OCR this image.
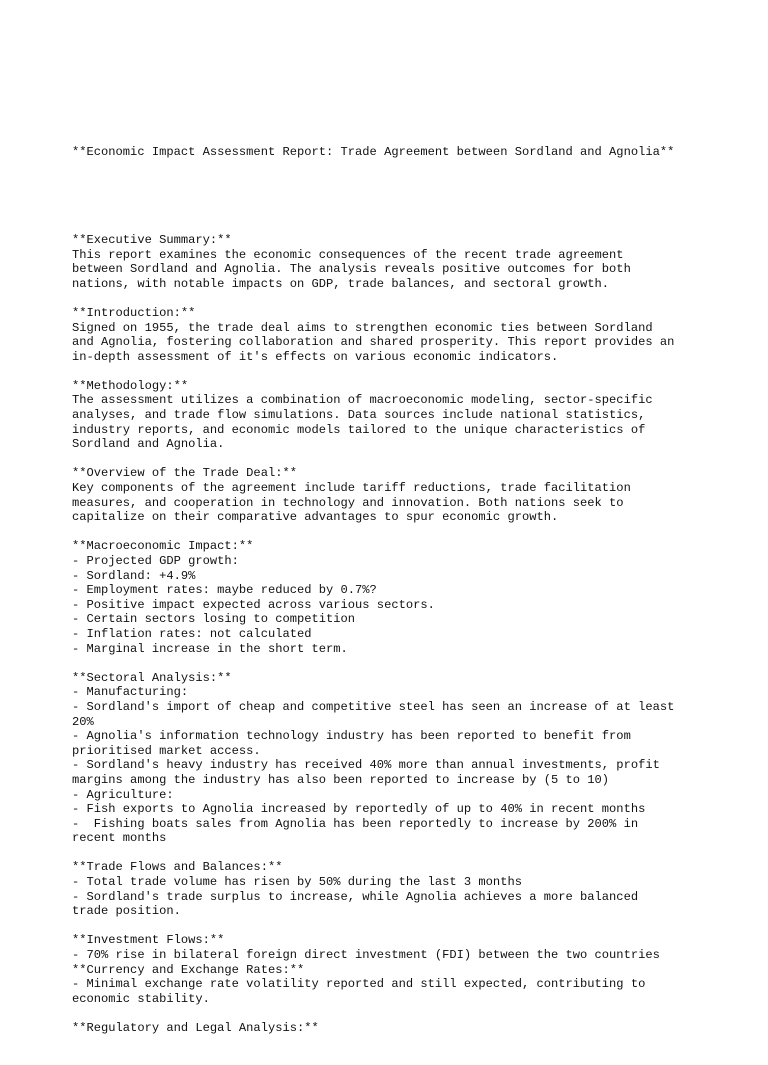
**Economic Impact Assessment Report: Trade Agreement between Sordland and Agnolia**

**Executive Summary:**
This report examines the economic consequences of the recent trade agreement
between Sordland and Agnolia. The analysis reveals positive outcomes for both
nations, with notable impacts on GDP, trade balances, and sectoral growth.
**Introduction:**
Signed on 1955, the trade deal aims to strengthen economic ties between Sordland
and Agnolia, fostering collaboration and shared prosperity. This report provides an
in-depth assessment of it's effects on various economic indicators.
**Methodology:**
The assessment utilizes a combination of macroeconomic modeling, sector-specific
analyses, and trade flow simulations. Data sources include national statistics,
industry reports, and economic models tailored to the unique characteristics of
Sordland and Agnolia.
**Overview of the Trade Deal:**
Key components of the agreement include tariff reductions, trade facilitation
measures, and cooperation in technology and innovation. Both nations seek to
capitalize on their comparative advantages to spur economic growth.
**Macroeconomic Impact:**
- Projected GDP growth:
- Sordland: +4.9%
- Employment rates: maybe reduced by 0.7%?
- Positive impact expected across various sectors.
- Certain sectors losing to competition
- Inflation rates: not calculated
- Marginal increase in the short term.
**Sectoral Analysis:**
- Manufacturing:
- Sordland's import of cheap and competitive steel has seen an increase of at least
20%
- Agnolia's information technology industry has been reported to benefit from
prioritised market access.
- Sordland's heavy industry has received 40% more than annual investments, profit
margins among the industry has also been reported to increase by (5 to 10)
- Agriculture:
- Fish exports to Agnolia increased by reportedly of up to 40% in recent months
-  Fishing boats sales from Agnolia has been reportedly to increase by 200% in
recent months
**Trade Flows and Balances:**
- Total trade volume has risen by 50% during the last 3 months
- Sordland's trade surplus to increase, while Agnolia achieves a more balanced
trade position.
**Investment Flows:**
- 70% rise in bilateral foreign direct investment (FDI) between the two countries
**Currency and Exchange Rates:**
- Minimal exchange rate volatility reported and still expected, contributing to
economic stability.
**Regulatory and Legal Analysis:**
